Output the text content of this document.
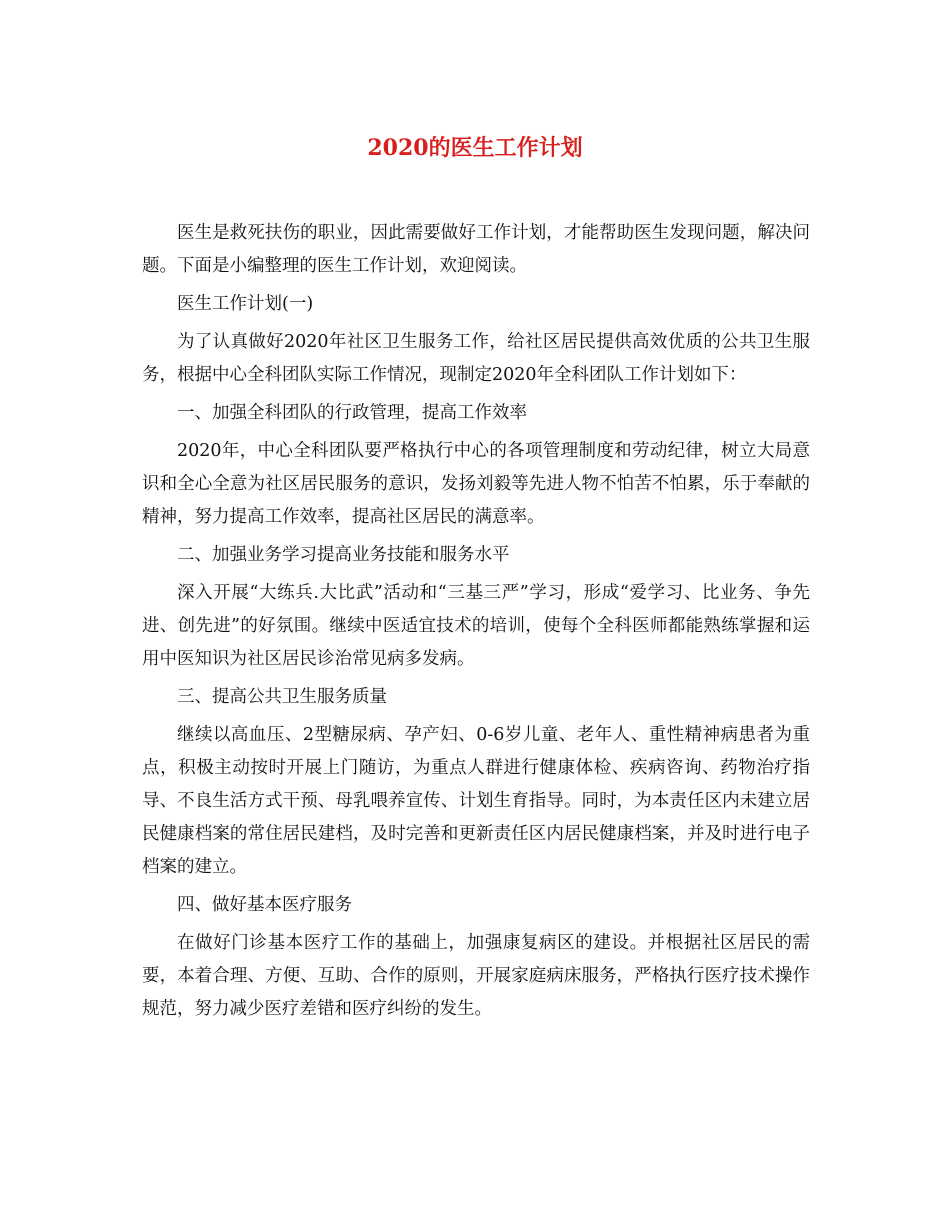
2020的医生工作计划

医生是救死扶伤的职业，因此需要做好工作计划，才能帮助医生发现问题，解决问题。下面是小编整理的医生工作计划，欢迎阅读。

医生工作计划(一)

为了认真做好2020年社区卫生服务工作，给社区居民提供高效优质的公共卫生服务，根据中心全科团队实际工作情况，现制定2020年全科团队工作计划如下：

一、加强全科团队的行政管理，提高工作效率

2020年，中心全科团队要严格执行中心的各项管理制度和劳动纪律，树立大局意识和全心全意为社区居民服务的意识，发扬刘毅等先进人物不怕苦不怕累，乐于奉献的精神，努力提高工作效率，提高社区居民的满意率。

二、加强业务学习提高业务技能和服务水平

深入开展“大练兵.大比武”活动和“三基三严”学习，形成“爱学习、比业务、争先进、创先进”的好氛围。继续中医适宜技术的培训，使每个全科医师都能熟练掌握和运用中医知识为社区居民诊治常见病多发病。

三、提高公共卫生服务质量

继续以高血压、2型糖尿病、孕产妇、0-6岁儿童、老年人、重性精神病患者为重点，积极主动按时开展上门随访，为重点人群进行健康体检、疾病咨询、药物治疗指导、不良生活方式干预、母乳喂养宣传、计划生育指导。同时，为本责任区内未建立居民健康档案的常住居民建档，及时完善和更新责任区内居民健康档案，并及时进行电子档案的建立。

四、做好基本医疗服务

在做好门诊基本医疗工作的基础上，加强康复病区的建设。并根据社区居民的需要，本着合理、方便、互助、合作的原则，开展家庭病床服务，严格执行医疗技术操作规范，努力减少医疗差错和医疗纠纷的发生。
